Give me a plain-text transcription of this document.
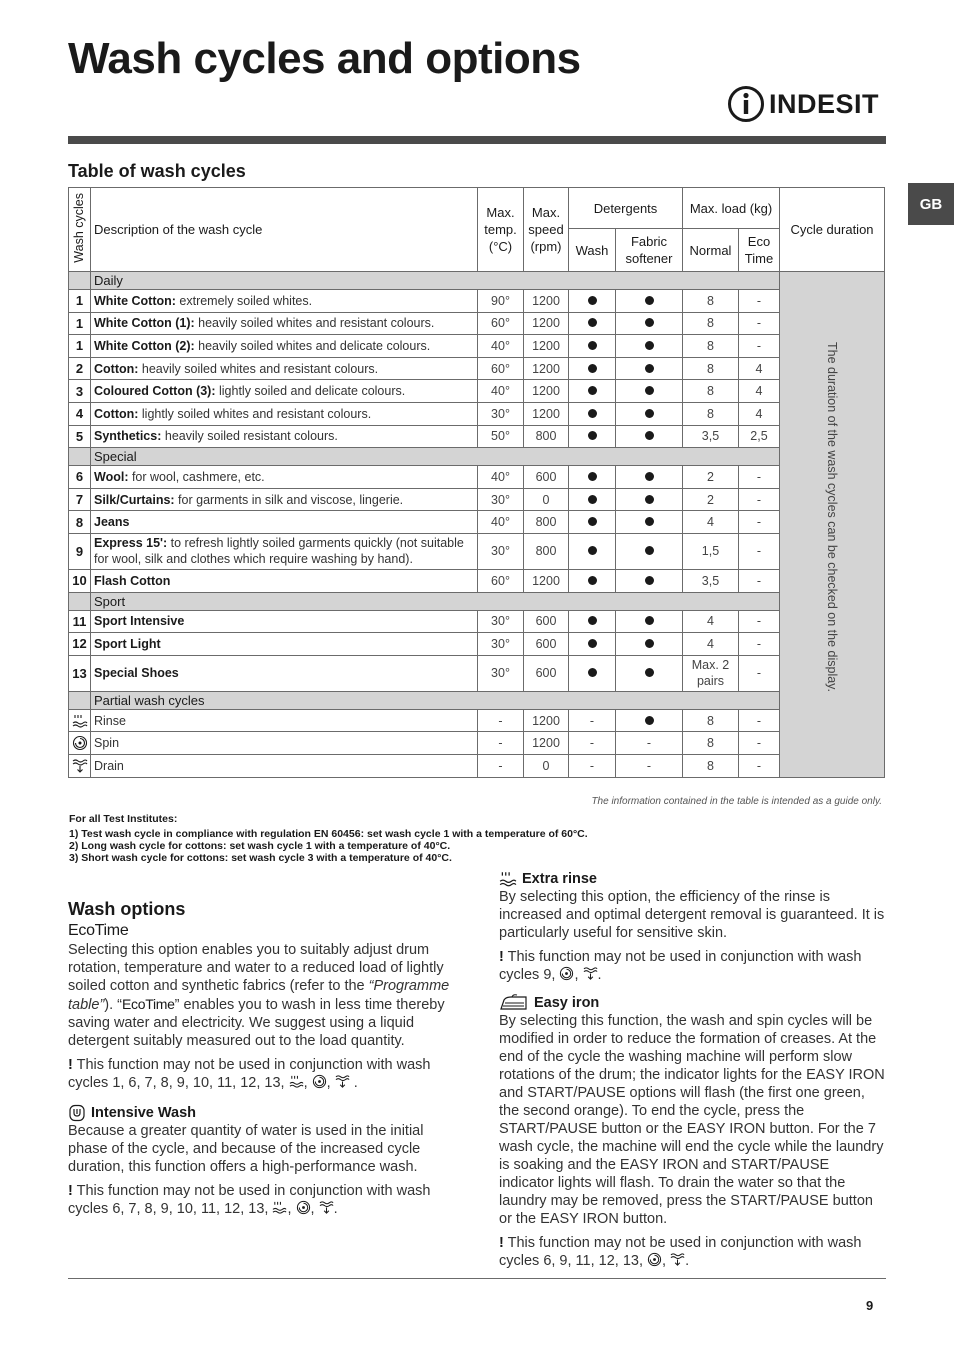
Wash cycles and options
INDESIT
GB
Table of wash cycles
Wash cycles	Description of the wash cycle	Max. temp. (°C)	Max. speed (rpm)	Detergents		Max. load (kg)		Cycle duration
				Wash	Fabric softener	Normal	Eco Time	
	Daily							The duration of the wash cycles can be checked on the display.
1	White Cotton: extremely soiled whites.	90°	1200			8	-	
1	White Cotton (1): heavily soiled whites and resistant colours.	60°	1200			8	-	
1	White Cotton (2): heavily soiled whites and delicate colours.	40°	1200			8	-	
2	Cotton: heavily soiled whites and resistant colours.	60°	1200			8	4	
3	Coloured Cotton (3): lightly soiled and delicate colours.	40°	1200			8	4	
4	Cotton: lightly soiled whites and resistant colours.	30°	1200			8	4	
5	Synthetics: heavily soiled resistant colours.	50°	800			3,5	2,5	
	Special							
6	Wool: for wool, cashmere, etc.	40°	600			2	-	
7	Silk/Curtains: for garments in silk and viscose, lingerie.	30°	0			2	-	
8	Jeans	40°	800			4	-	
9	Express 15': to refresh lightly soiled garments quickly (not suitable for wool, silk and clothes which require washing by hand).	30°	800			1,5	-	
10	Flash Cotton	60°	1200			3,5	-	
	Sport							
11	Sport Intensive	30°	600			4	-	
12	Sport Light	30°	600			4	-	
13	Special Shoes	30°	600			Max. 2 pairs	-	
	Partial wash cycles							

	Rinse	-	1200	-		8	-	

	Spin	-	1200	-	-	8	-	

	Drain	-	0	-	-	8	-	
The information contained in the table is intended as a guide only.
For all Test Institutes:
1) Test wash cycle in compliance with regulation EN 60456: set wash cycle 1 with a temperature of 60°C.
2) Long wash cycle for cottons: set wash cycle 1 with a temperature of 40°C.
3) Short wash cycle for cottons: set wash cycle 3 with a temperature of 40°C.
Wash options
EcoTime

Selecting this option enables you to suitably adjust drum rotation, temperature and water to a reduced load of lightly soiled cotton and synthetic fabrics (refer to the “Programme table”). “EcoTime” enables you to wash in less time thereby saving water and electricity. We suggest using a liquid detergent suitably measured out to the load quantity.

! This function may not be used in conjunction with wash cycles 1, 6, 7, 8, 9, 10, 11, 12, 13, , ,  .

Intensive Wash

Because a greater quantity of water is used in the initial phase of the cycle, and because of the increased cycle duration, this function offers a high-performance wash.

! This function may not be used in conjunction with wash cycles 6, 7, 8, 9, 10, 11, 12, 13, , , .

Extra rinse

By selecting this option, the efficiency of the rinse is increased and optimal detergent removal is guaranteed. It is particularly useful for sensitive skin.

! This function may not be used in conjunction with wash cycles 9, , .

Easy iron

By selecting this function, the wash and spin cycles will be modified in order to reduce the formation of creases. At the end of the cycle the washing machine will perform slow rotations of the drum; the indicator lights for the EASY IRON and START/PAUSE options will flash (the first one green, the second orange). To end the cycle, press the START/PAUSE button or the EASY IRON button. For the 7 wash cycle, the machine will end the cycle while the laundry is soaking and the EASY IRON and START/PAUSE indicator lights will flash. To drain the water so that the laundry may be removed, press the START/PAUSE button or the EASY IRON button.

! This function may not be used in conjunction with wash cycles 6, 9, 11, 12, 13, , .

9
